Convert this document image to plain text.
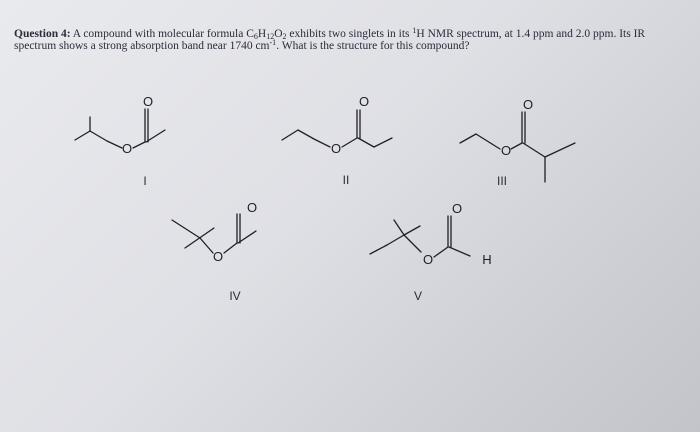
Question 4: A compound with molecular formula $C_6H_{12}O_2$ exhibits two singlets in its $^1$H NMR spectrum, at 1.4 ppm and 2.0 ppm. Its IR spectrum shows a strong absorption band near 1740 $cm^{-1}$. What is the structure for this compound?
O
O
I
O
O
II
O
O
III
O
O
IV
O
O
H
V
